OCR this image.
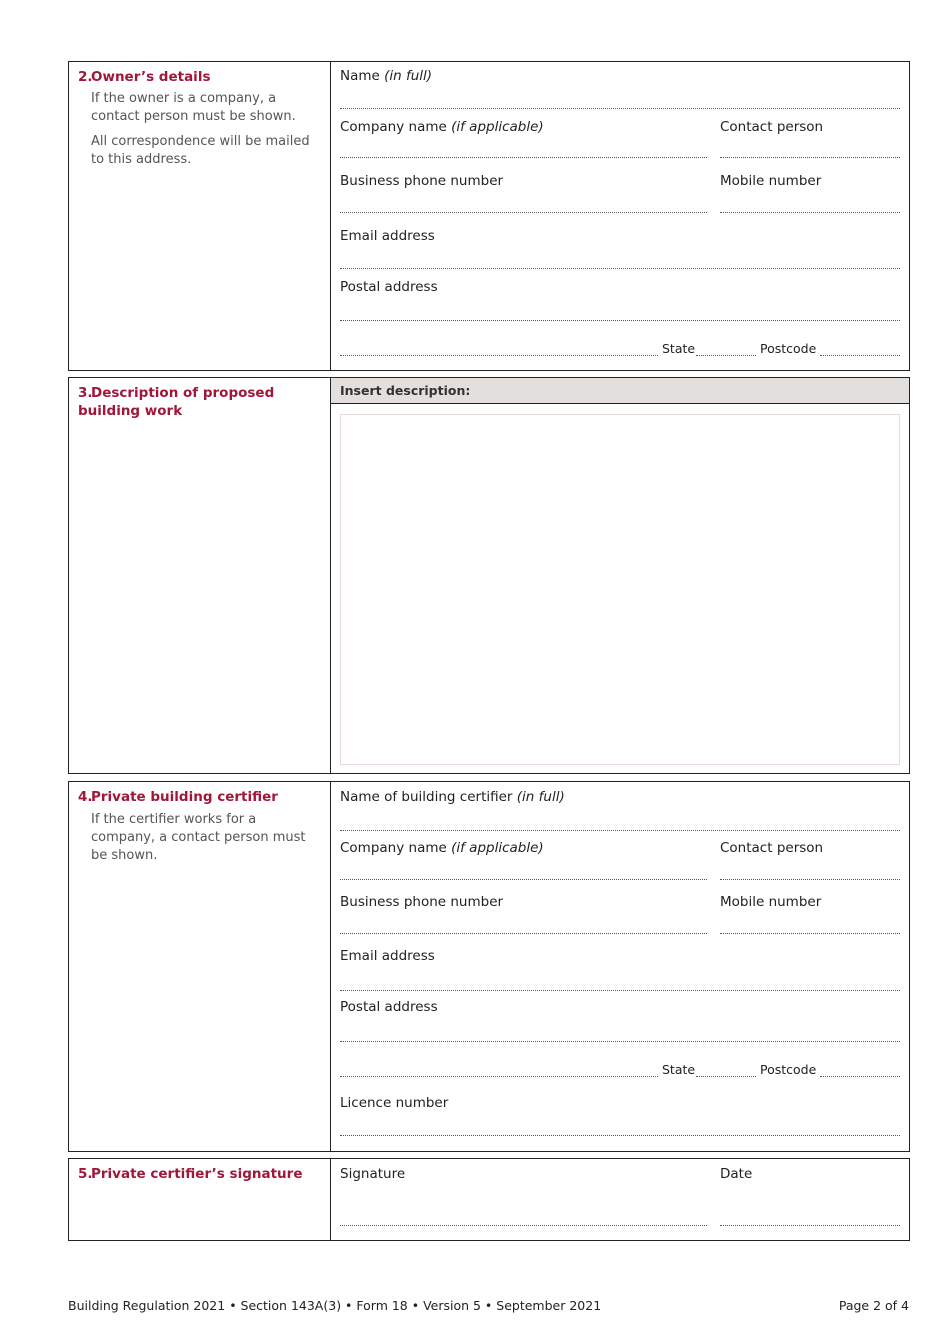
2.Owner’s details
If the owner is a company, a contact person must be shown.
All correspondence will be mailed to this address.
Name (in full)
Company name (if applicable)	Contact person
Business phone number	Mobile number
Email address
Postal address
State	Postcode
3.Description of proposed building work
Insert description:
4.Private building certifier
If the certifier works for a company, a contact person must be shown.
Name of building certifier (in full)
Company name (if applicable)	Contact person
Business phone number	Mobile number
Email address
Postal address
State	Postcode
Licence number
5.Private certifier’s signature	Signature	Date
Building Regulation 2021 • Section 143A(3) • Form 18 • Version 5 • September 2021	Page 2 of 4
